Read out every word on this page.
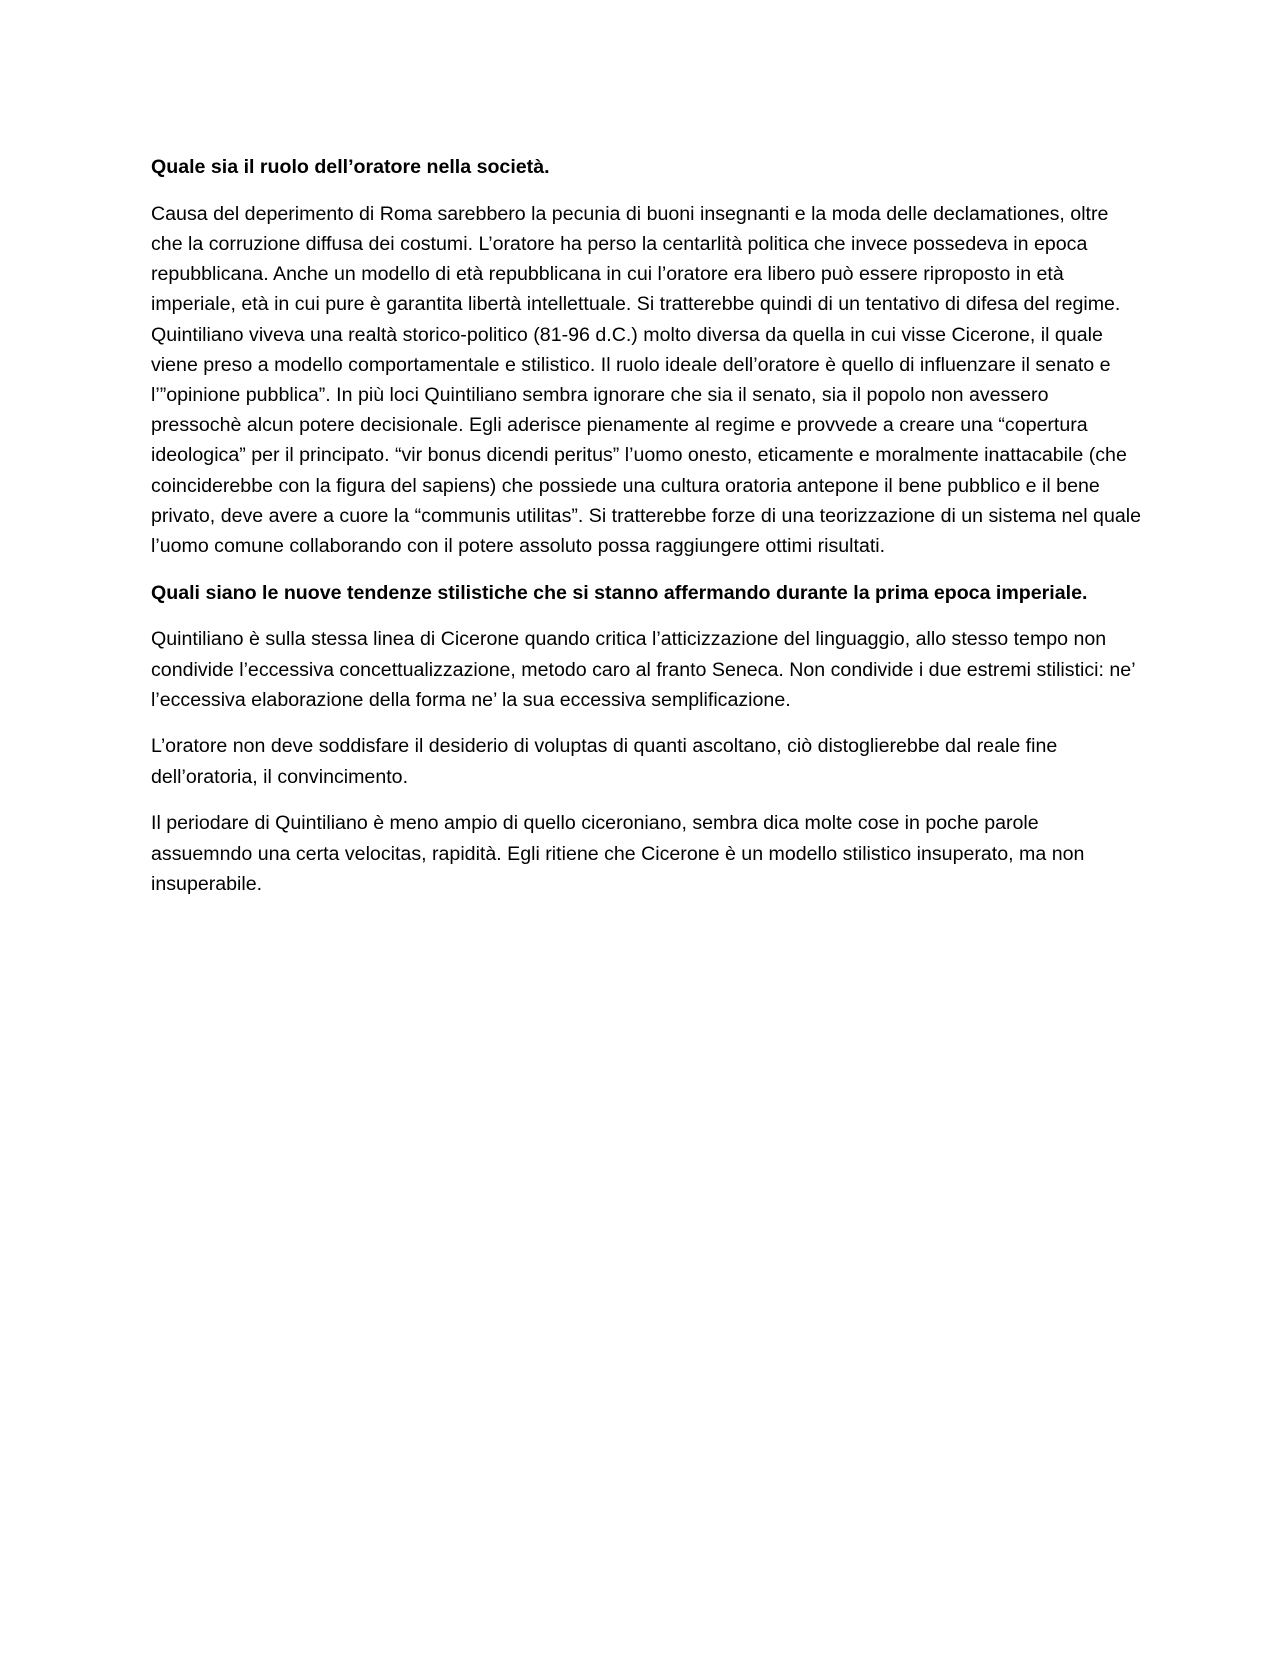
Quale sia il ruolo dell’oratore nella società.

Causa del deperimento di Roma sarebbero la pecunia di buoni insegnanti e la moda delle declamationes, oltre che la corruzione diffusa dei costumi. L’oratore ha perso la centarlità politica che invece possedeva in epoca repubblicana. Anche un modello di età repubblicana in cui l’oratore era libero può essere riproposto in età imperiale, età in cui pure è garantita libertà intellettuale. Si tratterebbe quindi di un tentativo di difesa del regime. Quintiliano viveva una realtà storico-politico (81-96 d.C.) molto diversa da quella in cui visse Cicerone, il quale viene preso a modello comportamentale e stilistico. Il ruolo ideale dell’oratore è quello di influenzare il senato e l’”opinione pubblica”. In più loci Quintiliano sembra ignorare che sia il senato, sia il popolo non avessero pressochè alcun potere decisionale. Egli aderisce pienamente al regime e provvede a creare una “copertura ideologica” per il principato. “vir bonus dicendi peritus” l’uomo onesto, eticamente e moralmente inattacabile (che coinciderebbe con la figura del sapiens) che possiede una cultura oratoria antepone il bene pubblico e il bene privato, deve avere a cuore la “communis utilitas”. Si tratterebbe forze di una teorizzazione di un sistema nel quale l’uomo comune collaborando con il potere assoluto possa raggiungere ottimi risultati.

Quali siano le nuove tendenze stilistiche che si stanno affermando durante la prima epoca imperiale.

Quintiliano è sulla stessa linea di Cicerone quando critica l’atticizzazione del linguaggio, allo stesso tempo non condivide l’eccessiva concettualizzazione, metodo caro al franto Seneca. Non condivide i due estremi stilistici: ne’ l’eccessiva elaborazione della forma ne’ la sua eccessiva semplificazione.

L’oratore non deve soddisfare il desiderio di voluptas di quanti ascoltano, ciò distoglierebbe dal reale fine dell’oratoria, il convincimento.

Il periodare di Quintiliano è meno ampio di quello ciceroniano, sembra dica molte cose in poche parole assuemndo una certa velocitas, rapidità. Egli ritiene che Cicerone è un modello stilistico insuperato, ma non insuperabile.
